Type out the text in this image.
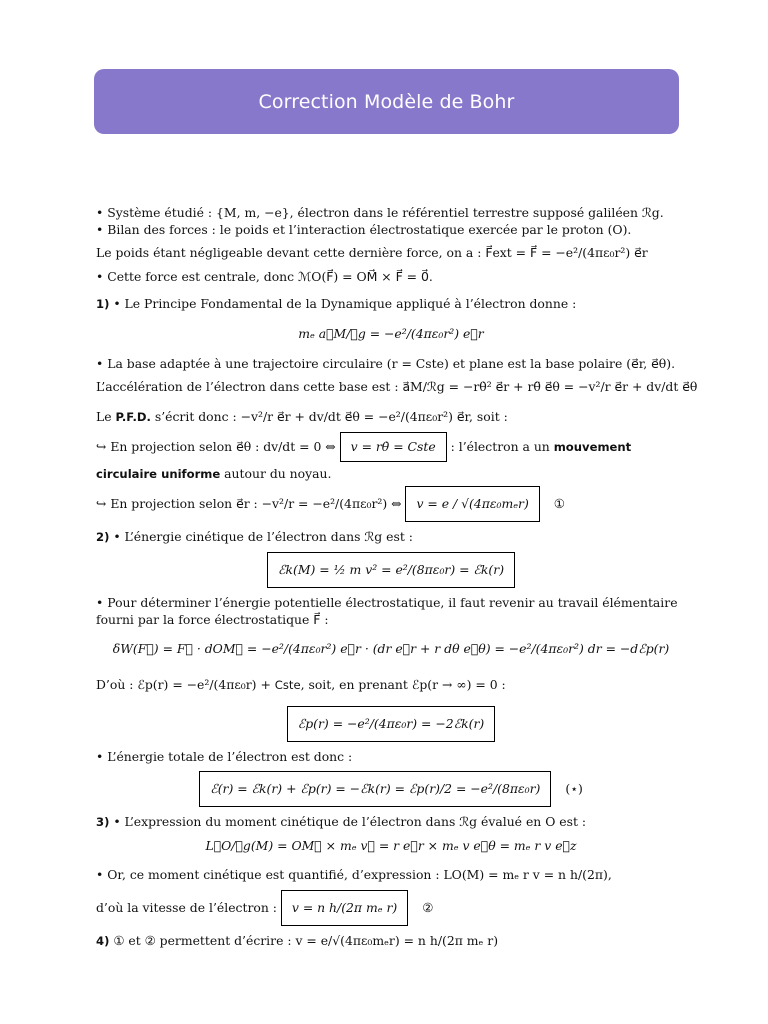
Correction Modèle de Bohr
• Système étudié : {M, m, −e}, électron dans le référentiel terrestre supposé galiléen ℛg.
• Bilan des forces : le poids et l’interaction électrostatique exercée par le proton (O).
Le poids étant négligeable devant cette dernière force, on a : F⃗ext = F⃗ = −e²/(4πε₀r²) e⃗r
• Cette force est centrale, donc ℳO(F⃗) = OM⃗ × F⃗ = 0⃗.
1) • Le Principe Fondamental de la Dynamique appliqué à l’électron donne :
mₑ a⃗M/ℛg = −e²/(4πε₀r²) e⃗r
• La base adaptée à une trajectoire circulaire (r = Cste) et plane est la base polaire (e⃗r, e⃗θ).
L’accélération de l’électron dans cette base est : a⃗M/ℛg = −rθ̇² e⃗r + rθ̈ e⃗θ = −v²/r e⃗r + dv/dt e⃗θ
Le P.F.D. s’écrit donc : −v²/r e⃗r + dv/dt e⃗θ = −e²/(4πε₀r²) e⃗r, soit :
↪ En projection selon e⃗θ : dv/dt = 0 ⇔ v = rθ̇ = Cste : l’électron a un mouvement circulaire uniforme autour du noyau.
↪ En projection selon e⃗r : −v²/r = −e²/(4πε₀r²) ⇔ v = e / √(4πε₀mₑr) ①
2) • L’énergie cinétique de l’électron dans ℛg est :
ℰk(M) = ½ m v² = e²/(8πε₀r) = ℰk(r)
• Pour déterminer l’énergie potentielle électrostatique, il faut revenir au travail élémentaire fourni par la force électrostatique F⃗ :
δW(F⃗) = F⃗ · dOM⃗ = −e²/(4πε₀r²) e⃗r · (dr e⃗r + r dθ e⃗θ) = −e²/(4πε₀r²) dr = −dℰp(r)
D’où : ℰp(r) = −e²/(4πε₀r) + Cste, soit, en prenant ℰp(r → ∞) = 0 :
ℰp(r) = −e²/(4πε₀r) = −2ℰk(r)
• L’énergie totale de l’électron est donc :
ℰ(r) = ℰk(r) + ℰp(r) = −ℰk(r) = ℰp(r)/2 = −e²/(8πε₀r) (⋆)
3) • L’expression du moment cinétique de l’électron dans ℛg évalué en O est :
L⃗O/ℛg(M) = OM⃗ × mₑ v⃗ = r e⃗r × mₑ v e⃗θ = mₑ r v e⃗z
• Or, ce moment cinétique est quantifié, d’expression : LO(M) = mₑ r v = n h/(2π),
d’où la vitesse de l’électron : v = n h/(2π mₑ r) ②
4) ① et ② permettent d’écrire : v = e/√(4πε₀mₑr) = n h/(2π mₑ r)
